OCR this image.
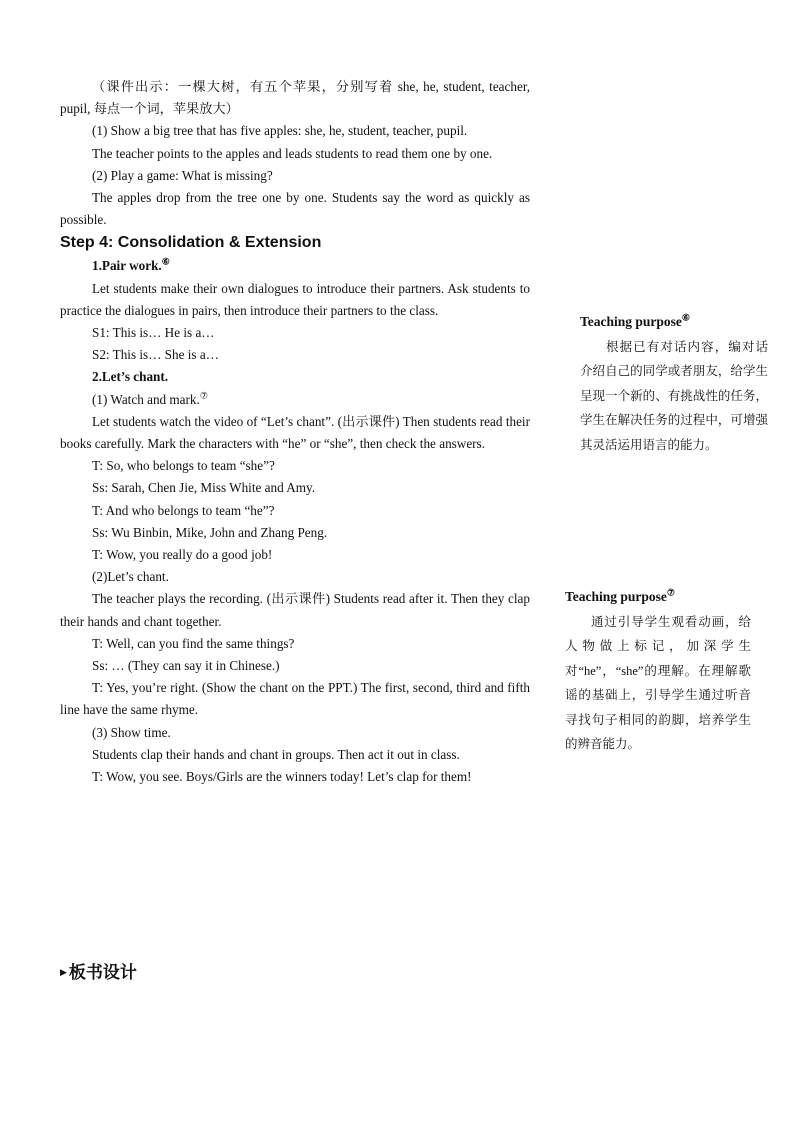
（课件出示：一棵大树，有五个苹果，分别写着 she, he, student, teacher, pupil, 每点一个词，苹果放大）

(1) Show a big tree that has five apples: she, he, student, teacher, pupil.

The teacher points to the apples and leads students to read them one by one.

(2) Play a game: What is missing?

The apples drop from the tree one by one. Students say the word as quickly as possible.

Step 4: Consolidation & Extension

1.Pair work.⑥

Let students make their own dialogues to introduce their partners. Ask students to practice the dialogues in pairs, then introduce their partners to the class.

S1: This is… He is a…

S2: This is… She is a…

2.Let’s chant.

(1) Watch and mark.⑦

Let students watch the video of “Let’s chant”. (出示课件) Then students read their books carefully. Mark the characters with “he” or “she”, then check the answers.

T: So, who belongs to team “she”?

Ss: Sarah, Chen Jie, Miss White and Amy.

T: And who belongs to team “he”?

Ss: Wu Binbin, Mike, John and Zhang Peng.

T: Wow, you really do a good job!

(2)Let’s chant.

The teacher plays the recording. (出示课件) Students read after it. Then they clap their hands and chant together.

T: Well, can you find the same things?

Ss: … (They can say it in Chinese.)

T: Yes, you’re right. (Show the chant on the PPT.) The first, second, third and fifth line have the same rhyme.

(3) Show time.

Students clap their hands and chant in groups. Then act it out in class.

T: Wow, you see. Boys/Girls are the winners today! Let’s clap for them!

Teaching purpose⑥

根据已有对话内容，编对话介绍自己的同学或者朋友，给学生呈现一个新的、有挑战性的任务，学生在解决任务的过程中，可增强其灵活运用语言的能力。

Teaching purpose⑦

通过引导学生观看动画，给人物做上标记，加深学生对“he”，“she”的理解。在理解歌谣的基础上，引导学生通过听音寻找句子相同的韵脚，培养学生的辨音能力。

▶ 板书设计
